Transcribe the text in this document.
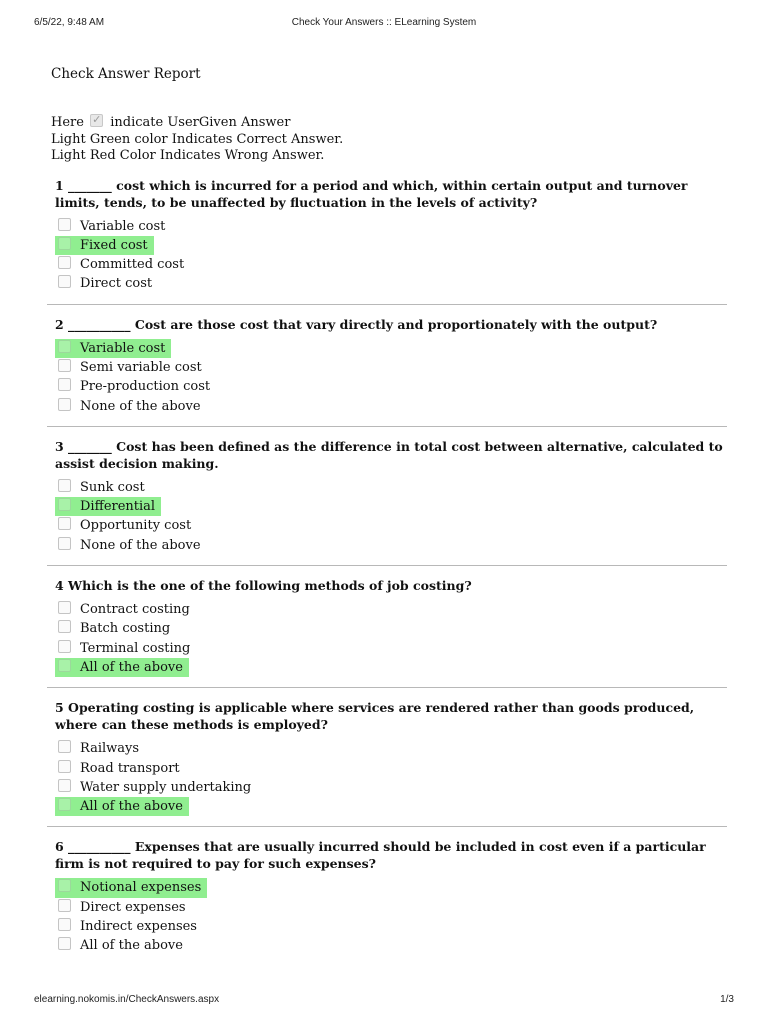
6/5/22, 9:48 AM	Check Your Answers :: ELearning System
Check Answer Report
Here ✓ indicate UserGiven Answer
Light Green color Indicates Correct Answer.
Light Red Color Indicates Wrong Answer.
1 _______ cost which is incurred for a period and which, within certain output and turnover limits, tends, to be unaffected by fluctuation in the levels of activity?
Variable cost
Fixed cost
Committed cost
Direct cost
2 __________ Cost are those cost that vary directly and proportionately with the output?
Variable cost
Semi variable cost
Pre-production cost
None of the above
3 _______ Cost has been defined as the difference in total cost between alternative, calculated to assist decision making.
Sunk cost
Differential
Opportunity cost
None of the above
4 Which is the one of the following methods of job costing?
Contract costing
Batch costing
Terminal costing
All of the above
5 Operating costing is applicable where services are rendered rather than goods produced, where can these methods is employed?
Railways
Road transport
Water supply undertaking
All of the above
6 __________ Expenses that are usually incurred should be included in cost even if a particular firm is not required to pay for such expenses?
Notional expenses
Direct expenses
Indirect expenses
All of the above
elearning.nokomis.in/CheckAnswers.aspx	1/3
